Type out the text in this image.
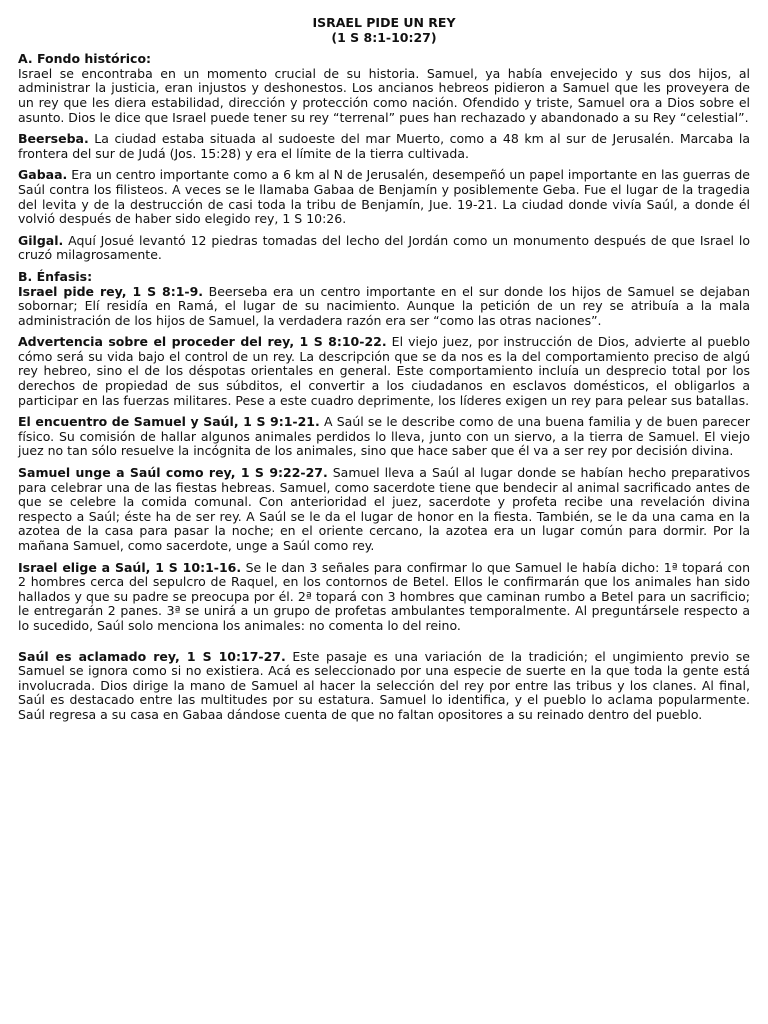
ISRAEL PIDE UN REY
(1 S 8:1-10:27)
A. Fondo histórico:

Israel se encontraba en un momento crucial de su historia. Samuel, ya había envejecido y sus dos hijos, al administrar la justicia, eran injustos y deshonestos. Los ancianos hebreos pidieron a Samuel que les proveyera de un rey que les diera estabilidad, dirección y protección como nación. Ofendido y triste, Samuel ora a Dios sobre el asunto. Dios le dice que Israel puede tener su rey “terrenal” pues han rechazado y abandonado a su Rey “celestial”.

Beerseba. La ciudad estaba situada al sudoeste del mar Muerto, como a 48 km al sur de Jerusalén. Marcaba la frontera del sur de Judá (Jos. 15:28) y era el límite de la tierra cultivada.

Gabaa. Era un centro importante como a 6 km al N de Jerusalén, desempeñó un papel importante en las guerras de Saúl contra los filisteos. A veces se le llamaba Gabaa de Benjamín y posiblemente Geba. Fue el lugar de la tragedia del levita y de la destrucción de casi toda la tribu de Benjamín, Jue. 19-21. La ciudad donde vivía Saúl, a donde él volvió después de haber sido elegido rey, 1 S 10:26.

Gilgal. Aquí Josué levantó 12 piedras tomadas del lecho del Jordán como un monumento después de que Israel lo cruzó milagrosamente.

B. Énfasis:

Israel pide rey, 1 S 8:1-9. Beerseba era un centro importante en el sur donde los hijos de Samuel se dejaban sobornar; Elí residía en Ramá, el lugar de su nacimiento. Aunque la petición de un rey se atribuía a la mala administración de los hijos de Samuel, la verdadera razón era ser “como las otras naciones”.

Advertencia sobre el proceder del rey, 1 S 8:10-22. El viejo juez, por instrucción de Dios, advierte al pueblo cómo será su vida bajo el control de un rey. La descripción que se da nos es la del comportamiento preciso de algú rey hebreo, sino el de los déspotas orientales en general. Este comportamiento incluía un desprecio total por los derechos de propiedad de sus súbditos, el convertir a los ciudadanos en esclavos domésticos, el obligarlos a participar en las fuerzas militares. Pese a este cuadro deprimente, los líderes exigen un rey para pelear sus batallas.

El encuentro de Samuel y Saúl, 1 S 9:1-21. A Saúl se le describe como de una buena familia y de buen parecer físico. Su comisión de hallar algunos animales perdidos lo lleva, junto con un siervo, a la tierra de Samuel. El viejo juez no tan sólo resuelve la incógnita de los animales, sino que hace saber que él va a ser rey por decisión divina.

Samuel unge a Saúl como rey, 1 S 9:22-27. Samuel lleva a Saúl al lugar donde se habían hecho preparativos para celebrar una de las fiestas hebreas. Samuel, como sacerdote tiene que bendecir al animal sacrificado antes de que se celebre la comida comunal. Con anterioridad el juez, sacerdote y profeta recibe una revelación divina respecto a Saúl; éste ha de ser rey. A Saúl se le da el lugar de honor en la fiesta. También, se le da una cama en la azotea de la casa para pasar la noche; en el oriente cercano, la azotea era un lugar común para dormir. Por la mañana Samuel, como sacerdote, unge a Saúl como rey.

Israel elige a Saúl, 1 S 10:1-16. Se le dan 3 señales para confirmar lo que Samuel le había dicho: 1ª topará con 2 hombres cerca del sepulcro de Raquel, en los contornos de Betel. Ellos le confirmarán que los animales han sido hallados y que su padre se preocupa por él. 2ª topará con 3 hombres que caminan rumbo a Betel para un sacrificio; le entregarán 2 panes. 3ª se unirá a un grupo de profetas ambulantes temporalmente. Al preguntársele respecto a lo sucedido, Saúl solo menciona los animales: no comenta lo del reino.

Saúl es aclamado rey, 1 S 10:17-27. Este pasaje es una variación de la tradición; el ungimiento previo se Samuel se ignora como si no existiera. Acá es seleccionado por una especie de suerte en la que toda la gente está involucrada. Dios dirige la mano de Samuel al hacer la selección del rey por entre las tribus y los clanes. Al final, Saúl es destacado entre las multitudes por su estatura. Samuel lo identifica, y el pueblo lo aclama popularmente. Saúl regresa a su casa en Gabaa dándose cuenta de que no faltan opositores a su reinado dentro del pueblo.
